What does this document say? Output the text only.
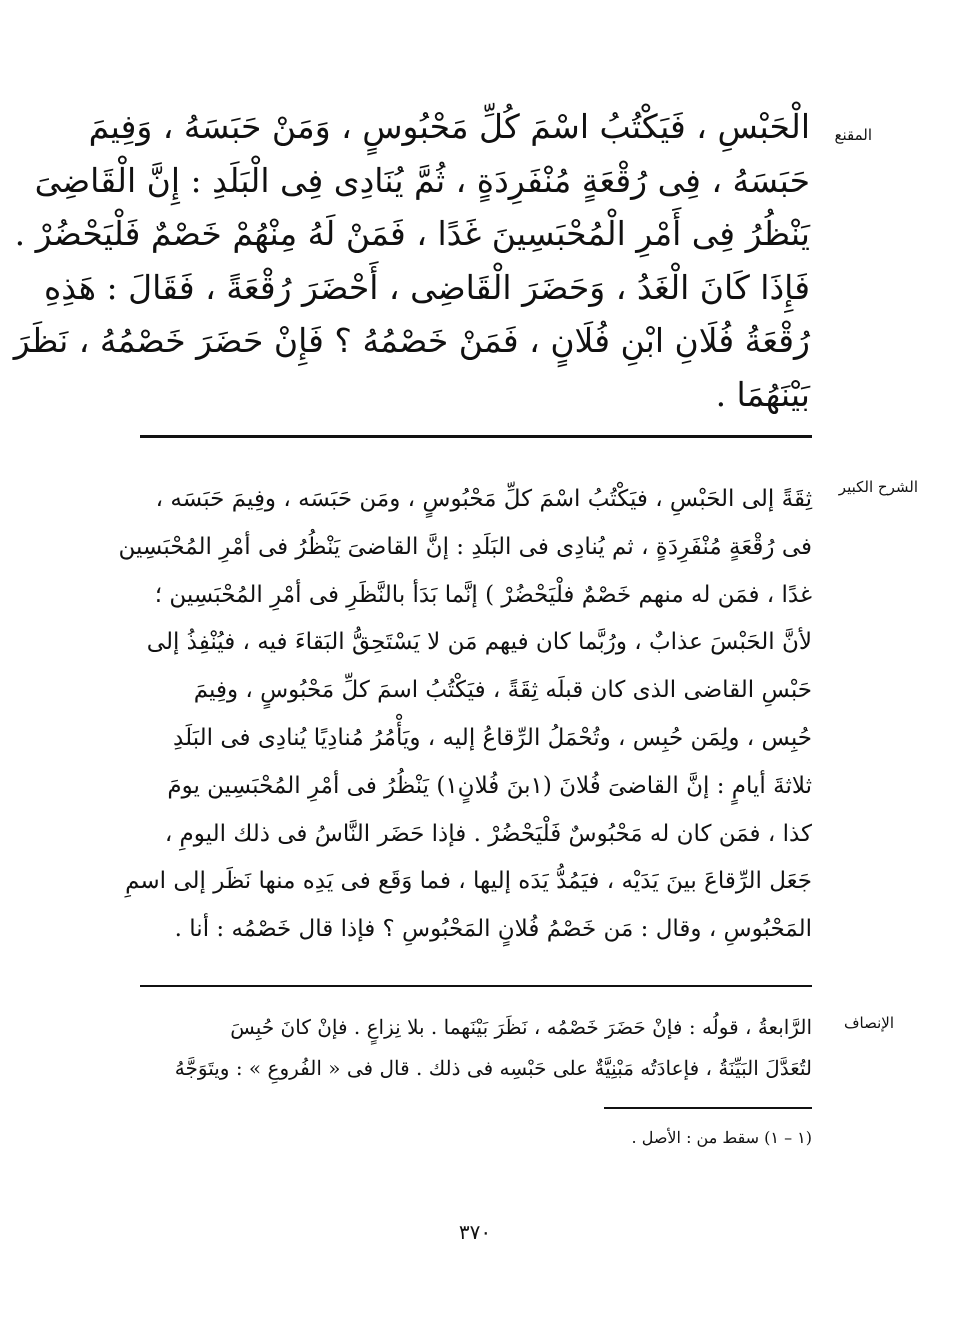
المقنع
الْحَبْسِ ، فَيَكْتُبُ اسْمَ كُلِّ مَحْبُوسٍ ، وَمَنْ حَبَسَهُ ، وَفِيمَ
حَبَسَهُ ، فِى رُقْعَةٍ مُنْفَرِدَةٍ ، ثُمَّ يُنَادِى فِى الْبَلَدِ : إِنَّ الْقَاضِىَ
يَنْظُرُ فِى أَمْرِ الْمُحْبَسِينَ غَدًا ، فَمَنْ لَهُ مِنْهُمْ خَصْمٌ فَلْيَحْضُرْ .
فَإِذَا كَانَ الْغَدُ ، وَحَضَرَ الْقَاضِى ، أَحْضَرَ رُقْعَةً ، فَقَالَ : هَذِهِ
رُقْعَةُ فُلَانِ ابْنِ فُلَانٍ ، فَمَنْ خَصْمُهُ ؟ فَإِنْ حَضَرَ خَصْمُهُ ، نَظَرَ
بَيْنَهُمَا .
الشرح الكبير
ثِقَةً إلى الحَبْسِ ، فيَكْتُبُ اسْمَ كلِّ مَحْبُوسٍ ، ومَن حَبَسَه ، وفِيمَ حَبَسَه ،
فى رُقْعَةٍ مُنْفَرِدَةٍ ، ثم يُنادِى فى البَلَدِ : إنَّ القاضىَ يَنْظُرُ فى أمْرِ المُحْبَسِين
غدًا ، فمَن له منهم خَصْمٌ فلْيَحْضُرْ ) إنَّما بَدَأ بالنَّظَرِ فى أمْرِ المُحْبَسِين ؛
لأنَّ الحَبْسَ عذابٌ ، ورُبَّما كان فيهم مَن لا يَسْتَحِقُّ البَقاءَ فيه ، فيُنْفِذُ إلى
حَبْسِ القاضى الذى كان قبلَه ثِقَةً ، فيَكْتُبُ اسمَ كلِّ مَحْبُوسٍ ، وفِيمَ
حُبِس ، ولِمَن حُبِس ، وتُحْمَلُ الرِّقاعُ إليه ، ويَأْمُرُ مُنادِيًا يُنادِى فى البَلَدِ
ثلاثةَ أيامٍ : إنَّ القاضىَ فُلانَ (١بنَ فُلانٍ١) يَنْظُرُ فى أمْرِ المُحْبَسِين يومَ
كذا ، فمَن كان له مَحْبُوسٌ فَلْيَحْضُرْ . فإذا حَضَر النَّاسُ فى ذلك اليومِ ،
جَعَل الرِّقاعَ بينَ يَدَيْه ، فيَمُدُّ يَدَه إليها ، فما وَقَع فى يَدِه منها نَظَر إلى اسمِ
المَحْبُوسِ ، وقال : مَن خَصْمُ فُلانٍ المَحْبُوسِ ؟ فإذا قال خَصْمُه : أنا .
الإنصاف
الرَّابعةُ ، قولُه : فإنْ حَضَرَ خَصْمُه ، نَظَرَ بَيْنَهما . بلا نِزاعٍ . فإنْ كانَ حُبِسَ
لتُعَدَّلَ البَيِّنَةُ ، فإعادَتُه مَبْنِيَّةٌ على حَبْسِه فى ذلك . قال فى « الفُروعِ » : ويتَوَجَّهُ
(١ – ١) سقط من : الأصل .
٣٧٠
